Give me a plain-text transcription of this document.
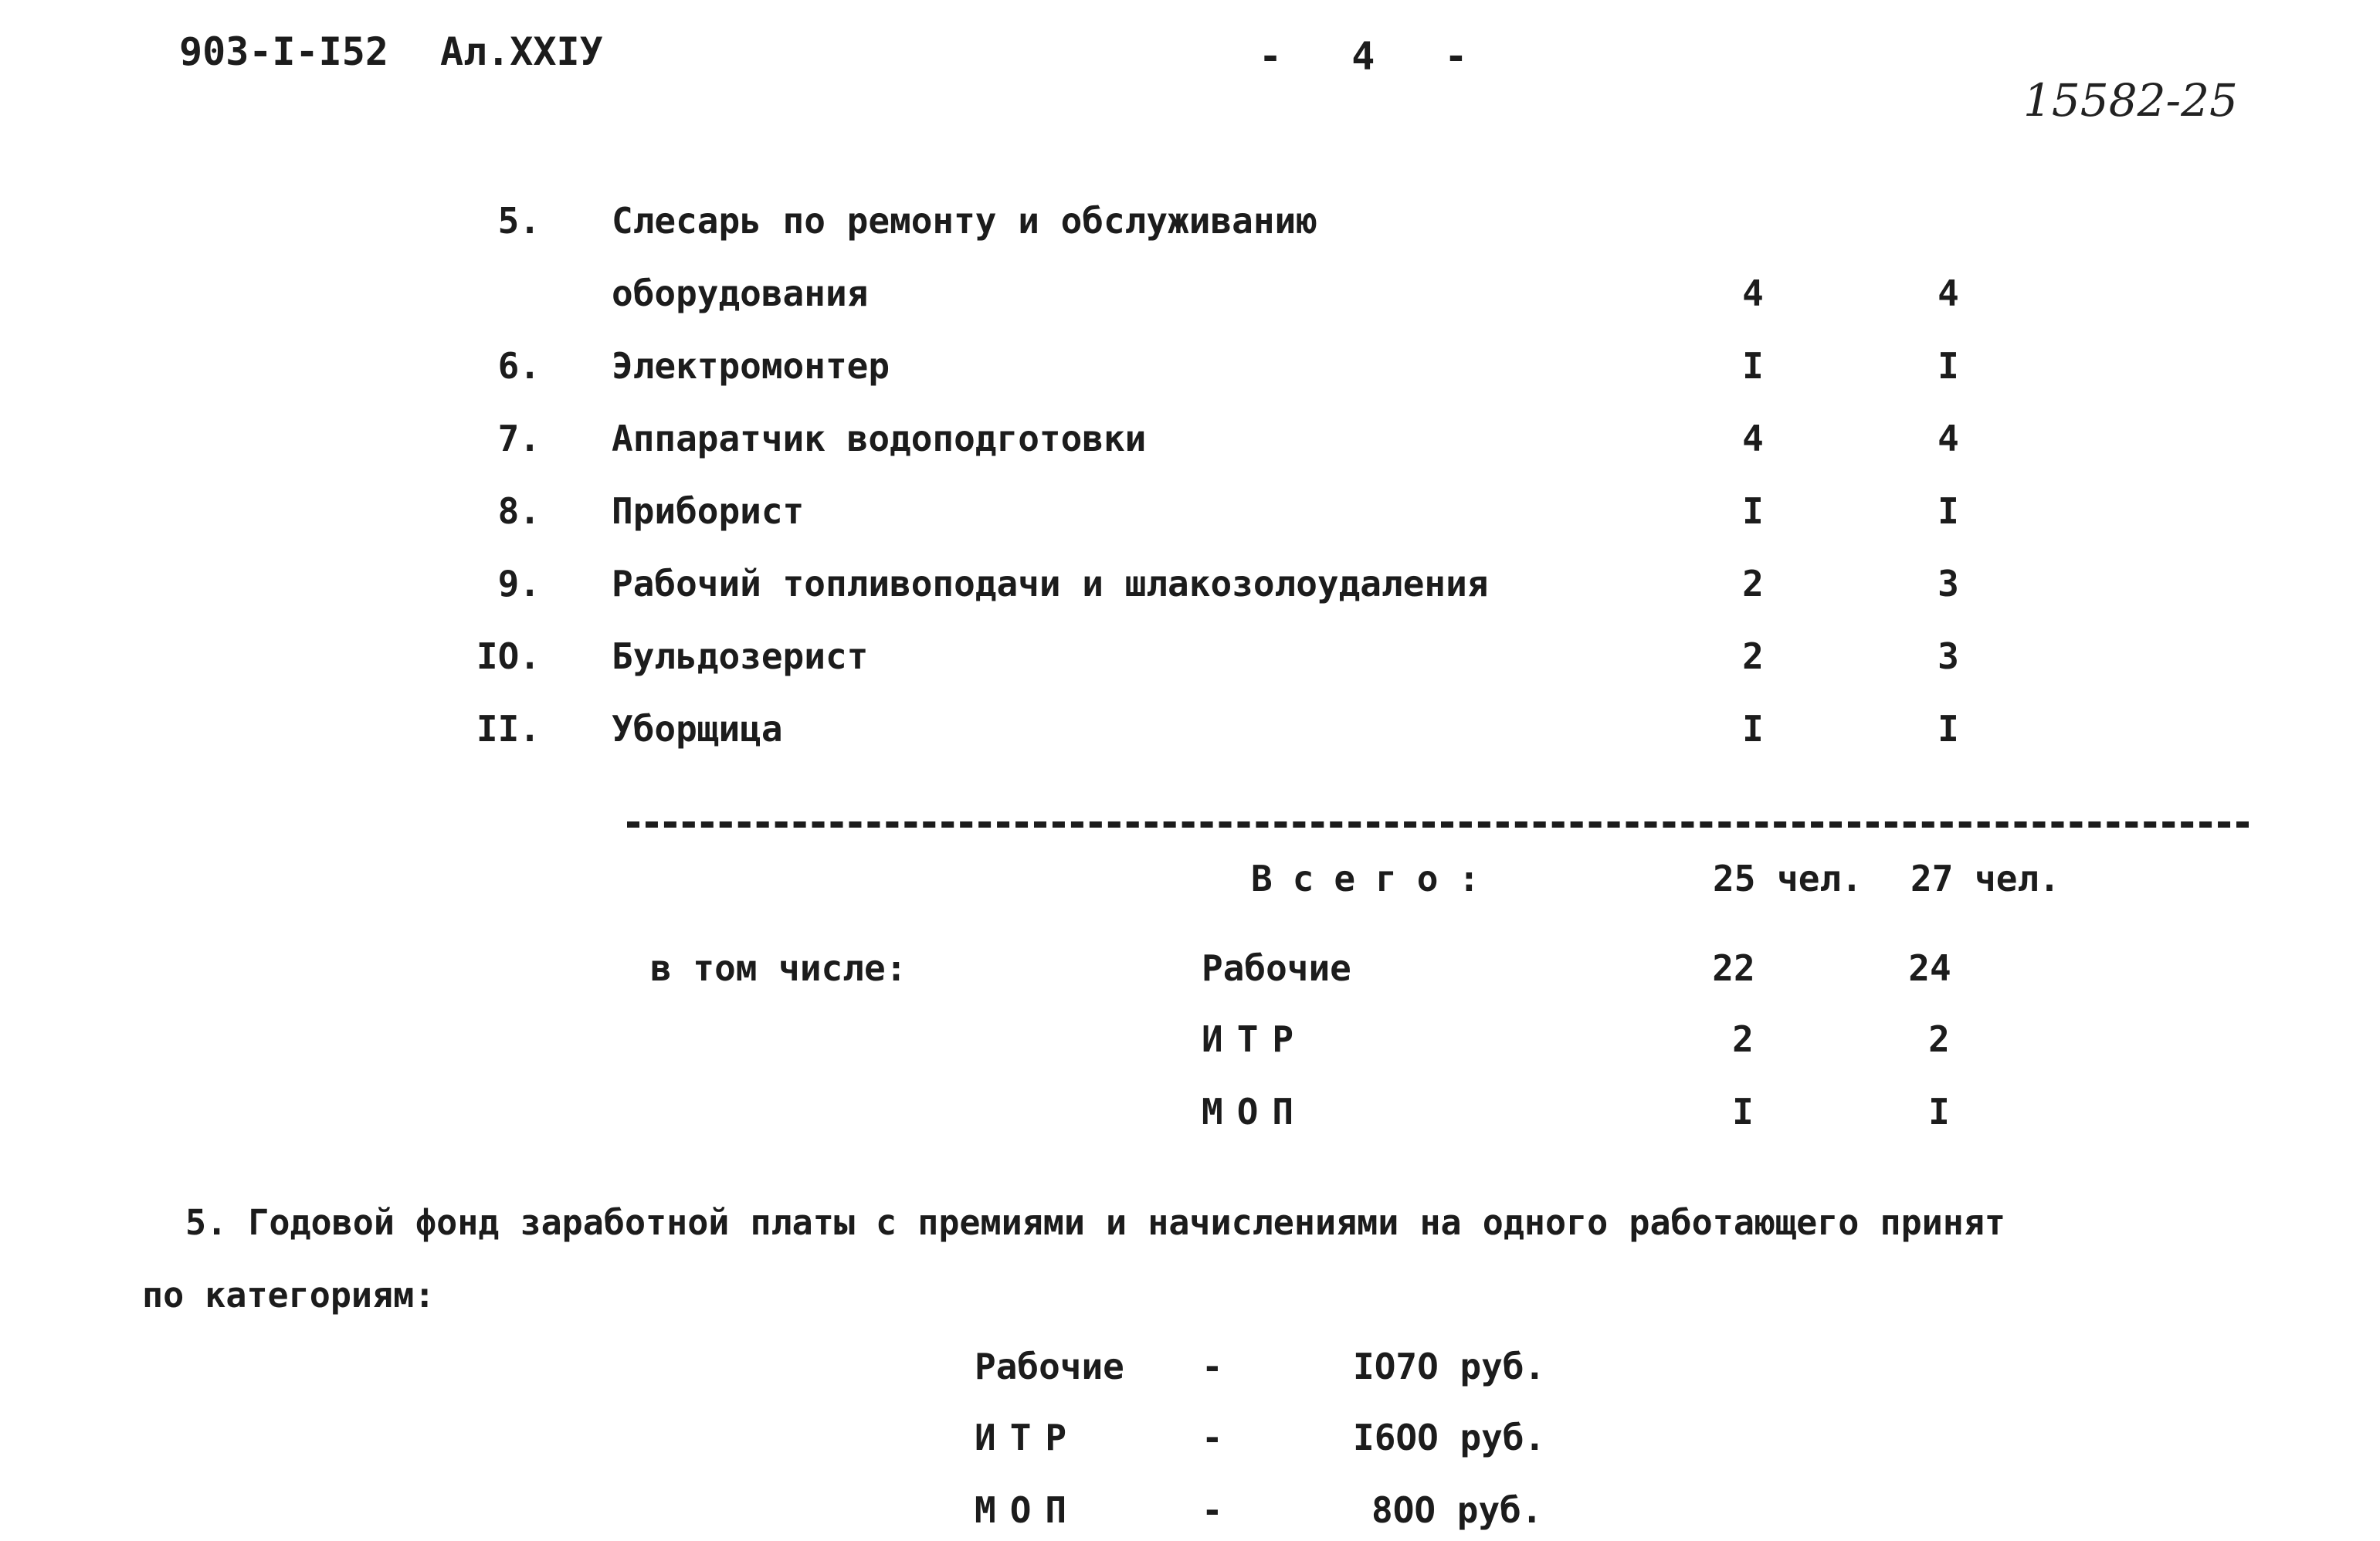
903-I-I52 Ал.XXIУ	- 4 -
15582-25
5. Слесарь по ремонту и обслуживанию
оборудования	4	4
6. Электромонтер	I	I
7. Аппаратчик водоподготовки	4	4
8. Приборист	I	I
9. Рабочий топливоподачи и шлакозолоудаления	2	3
IO. Бульдозерист	2	3
II. Уборщица	I	I
Всего:	25 чел. 27 чел.
в том числе:	Рабочие	22	24
ИТР	2	2
МОП	I	I
5. Годовой фонд заработной платы с премиями и начислениями на одного работающего принят
по категориям:
Рабочие -	IO7O руб.
ИТР	-	I6OO руб.
МОП	-	8OO руб.
